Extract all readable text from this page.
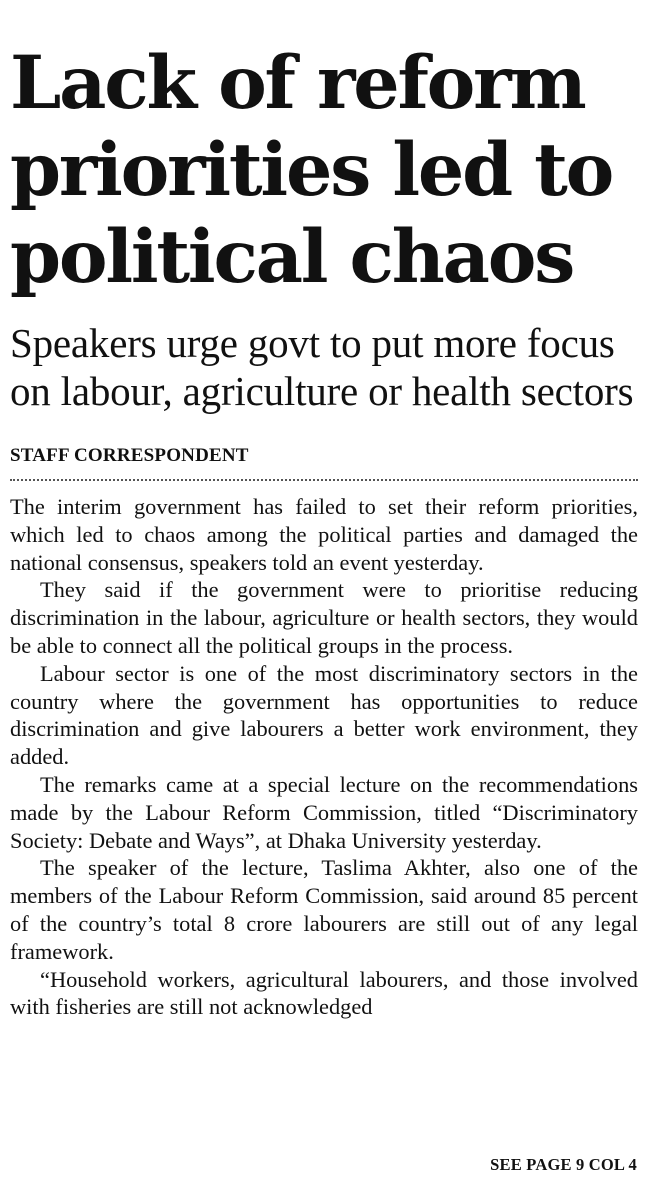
Lack of reform priorities led to political chaos
Speakers urge govt to put more focus on labour, agriculture or health sectors
STAFF CORRESPONDENT

The interim government has failed to set their reform priorities, which led to chaos among the political parties and damaged the national consensus, speakers told an event yesterday.

They said if the government were to prioritise reducing discrimination in the labour, agriculture or health sectors, they would be able to connect all the political groups in the process.

Labour sector is one of the most discriminatory sectors in the country where the government has opportunities to reduce discrimination and give labourers a better work environment, they added.

The remarks came at a special lecture on the recommendations made by the Labour Reform Commission, titled “Discriminatory Society: Debate and Ways”, at Dhaka University yesterday.

The speaker of the lecture, Taslima Akhter, also one of the members of the Labour Reform Commission, said around 85 percent of the country’s total 8 crore labourers are still out of any legal framework.

“Household workers, agricultural labourers, and those involved with fisheries are still not acknowledged

SEE PAGE 9 COL 4
